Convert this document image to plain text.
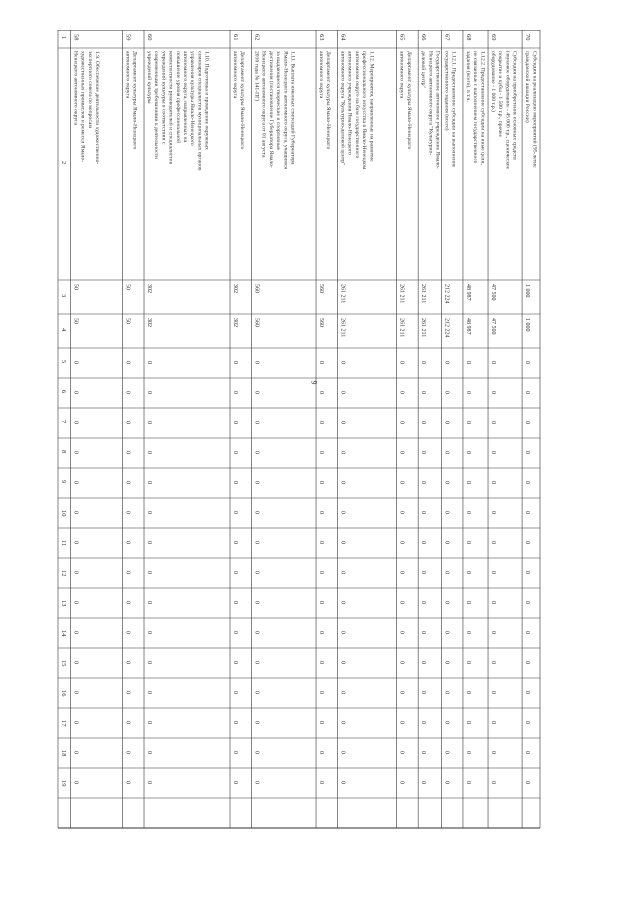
9
1
2
3
4
5
6
7
8
9
10
11
12
13
14
15
16
17
18
19
58
1.9. Обеспечение деятельности художественно-
экспертного совета по вопросам
художественных промыслов и ремесел Ямало-
Ненецкого автономного округа
50
50
0
0
0
0
0
0
0
0
0
0
0
0
0
0
0
59
Департамент культуры Ямало-Ненецкого
автономного округа
50
50
0
0
0
0
0
0
0
0
0
0
0
0
0
0
0
60
1.10. Подготовка и проведение окружных
семинаров специалистов муниципальных органов
управления культуры Ямало-Ненецкого
автономного округа, направленных на
повышение уровня профессиональной
компетентности руководителей и специалистов
учреждений культуры в соответствии с
современными требованиями к деятельности
учреждений культуры
302
302
0
0
0
0
0
0
0
0
0
0
0
0
0
0
0
61
Департамент культуры Ямало-Ненецкого
автономного округа
302
302
0
0
0
0
0
0
0
0
0
0
0
0
0
0
0
62
1.11. Выплата именных стипендий Губернатора
Ямало-Ненецкого автономного округа, учащимся
за выдающиеся творческие и спортивные
достижения (постановление Губернатора Ямало-
Ненецкого автономного округа от 01 августа
2016 года № 141-ПГ)
560
560
0
0
0
0
0
0
0
0
0
0
0
0
0
0
0
63
Департамент культуры Ямало-Ненецкого
автономного округа
560
560
0
0
0
0
0
0
0
0
0
0
0
0
0
0
0
64
1.12. Мероприятия, направленные на развитие
профессионального искусства в Ямало-Ненецком
автономном округе на базе государственного
автономного учреждения Ямало-Ненецкого
автономного округа "Культурно-деловой центр"
261 211
261 211
0
0
0
0
0
0
0
0
0
0
0
0
0
0
0
65
Департамент культуры Ямало-Ненецкого
автономного округа
261 211
261 211
0
0
0
0
0
0
0
0
0
0
0
0
0
0
0
66
Государственное автономное учреждение Ямало-
Ненецкого автономного округа "Культурно-
деловой центр"
261 211
261 211
0
0
0
0
0
0
0
0
0
0
0
0
0
0
0
67
1.12.1. Предоставление субсидии на выполнение
государственного задания (всего)
212 224
212 224
0
0
0
0
0
0
0
0
0
0
0
0
0
0
0
68
1.12.2. Предоставление субсидии на иные цели,
не связанные с выполнением государственного
задания (всего), в т.ч.
48 987
48 987
0
0
0
0
0
0
0
0
0
0
0
0
0
0
0
69
Субсидия на приобретение основных средств
(звуковое оборудование - 45 000 т.р., сценическое
покрытие и кубы - 1 500 т.р., прочее
оборудование - 1 000 т.р.)
47 500
47 500
0
0
0
0
0
0
0
0
0
0
0
0
0
0
0
70
Субсидия на реализацию мероприятий (95-летие
гражданской авиации России)
1 000
1 000
0
0
0
0
0
0
0
0
0
0
0
0
0
0
0
